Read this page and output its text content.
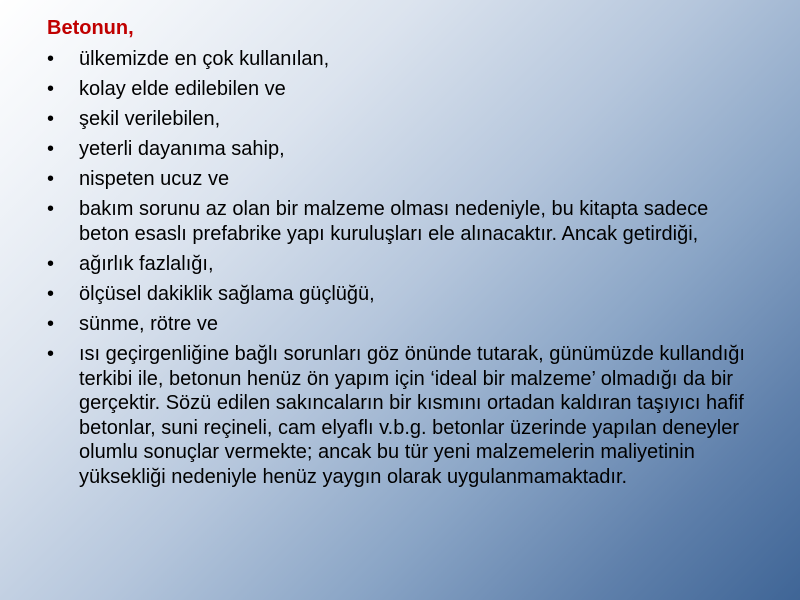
Betonun,
•	ülkemizde en çok kullanılan,
•	kolay elde edilebilen ve
•	şekil verilebilen,
•	yeterli dayanıma sahip,
•	nispeten ucuz ve
•	bakım sorunu az olan bir malzeme olması nedeniyle, bu kitapta sadece beton esaslı prefabrike yapı kuruluşları ele alınacaktır. Ancak getirdiği,
•	ağırlık fazlalığı,
•	ölçüsel dakiklik sağlama güçlüğü,
•	sünme, rötre ve
•	ısı geçirgenliğine bağlı sorunları göz önünde tutarak, günümüzde kullandığı terkibi ile, betonun henüz ön yapım için ‘ideal bir malzeme’ olmadığı da bir gerçektir. Sözü edilen sakıncaların bir kısmını ortadan kaldıran taşıyıcı hafif betonlar, suni reçineli, cam elyaflı v.b.g. betonlar üzerinde yapılan deneyler olumlu sonuçlar vermekte; ancak bu tür yeni malzemelerin maliyetinin yüksekliği nedeniyle henüz yaygın olarak uygulanmamaktadır.
